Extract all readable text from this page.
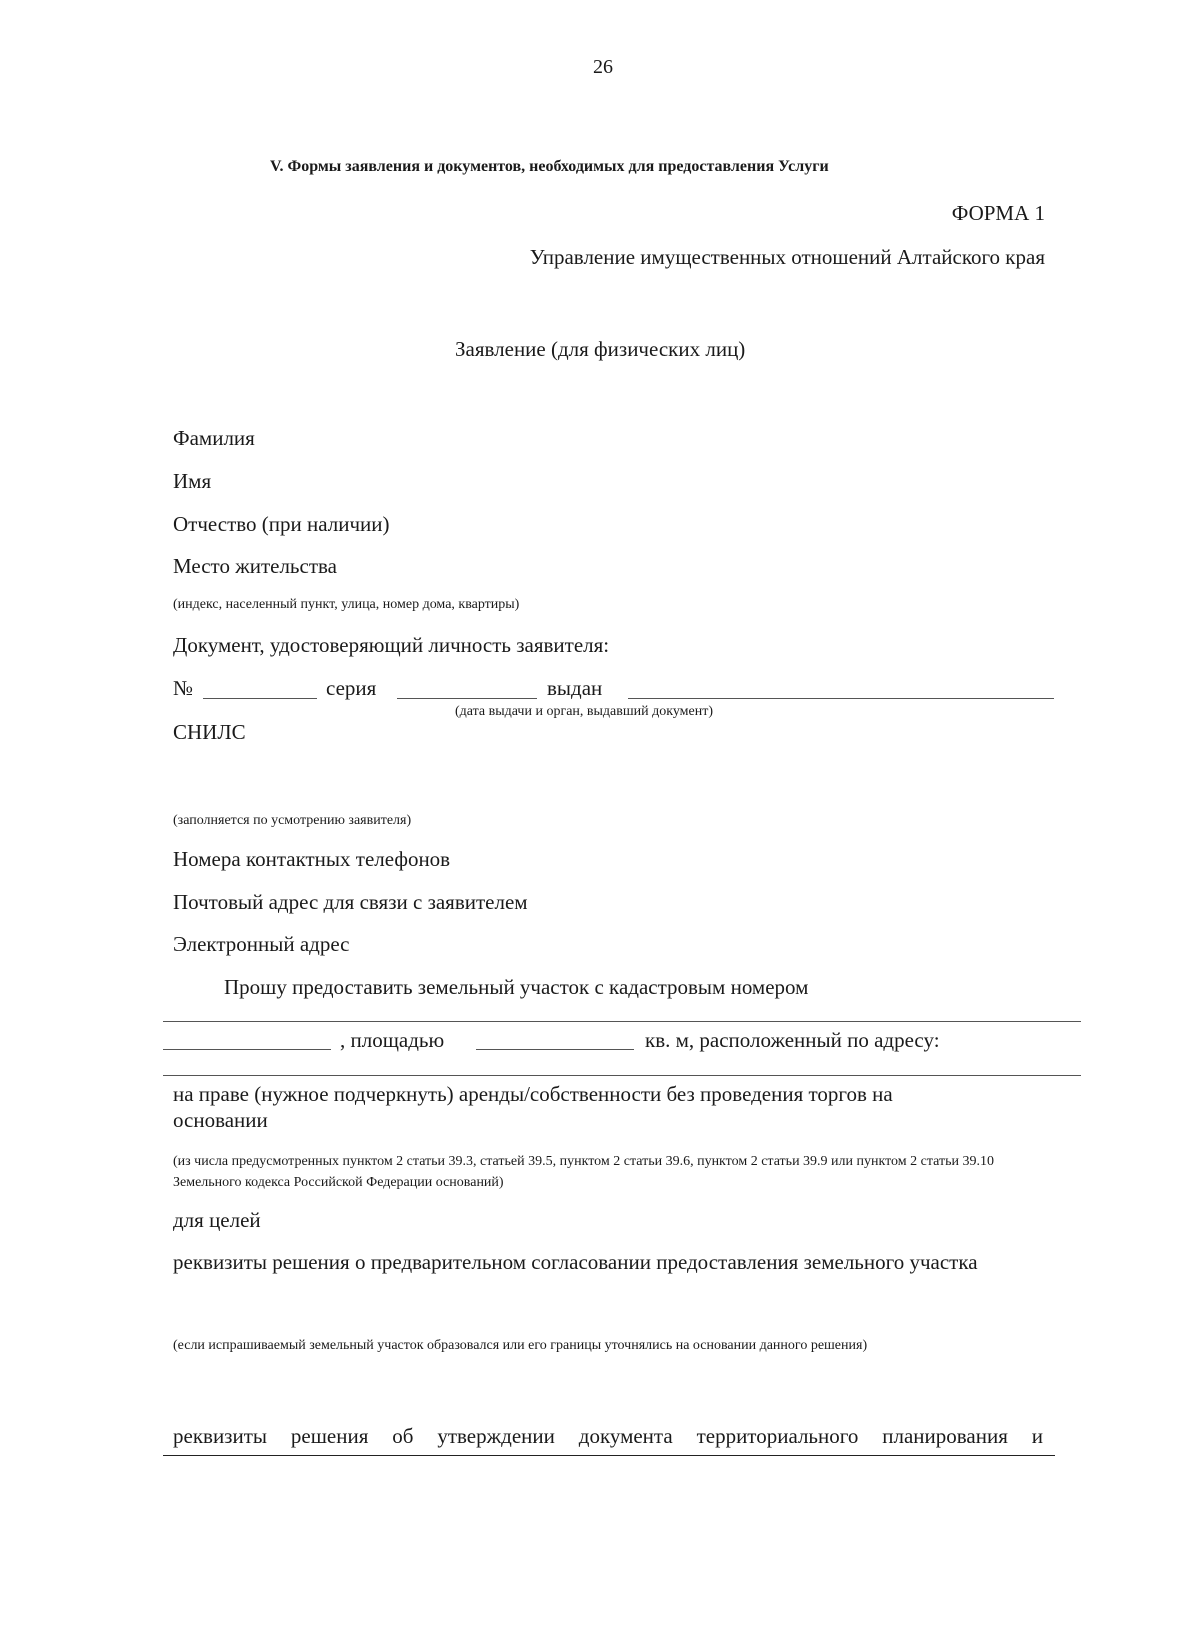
26
V. Формы заявления и документов, необходимых для предоставления Услуги
ФОРМА 1
Управление имущественных отношений Алтайского края
Заявление (для физических лиц)
Фамилия
Имя
Отчество (при наличии)
Место жительства
(индекс, населенный пункт, улица, номер дома, квартиры)
Документ, удостоверяющий личность заявителя:
№	серия	выдан
(дата выдачи и орган, выдавший документ)
СНИЛС
(заполняется по усмотрению заявителя)
Номера контактных телефонов
Почтовый адрес для связи с заявителем
Электронный адрес
Прошу предоставить земельный участок с кадастровым номером
, площадью	кв. м, расположенный по адресу:
на праве (нужное подчеркнуть) аренды/собственности без проведения торгов на основании
(из числа предусмотренных пунктом 2 статьи 39.3, статьей 39.5, пунктом 2 статьи 39.6, пунктом 2 статьи 39.9 или пунктом 2 статьи 39.10 Земельного кодекса Российской Федерации оснований)
для целей
реквизиты решения о предварительном согласовании предоставления земельного участка
(если испрашиваемый земельный участок образовался или его границы уточнялись на основании данного решения)
реквизиты решения об утверждении документа территориального планирования и
